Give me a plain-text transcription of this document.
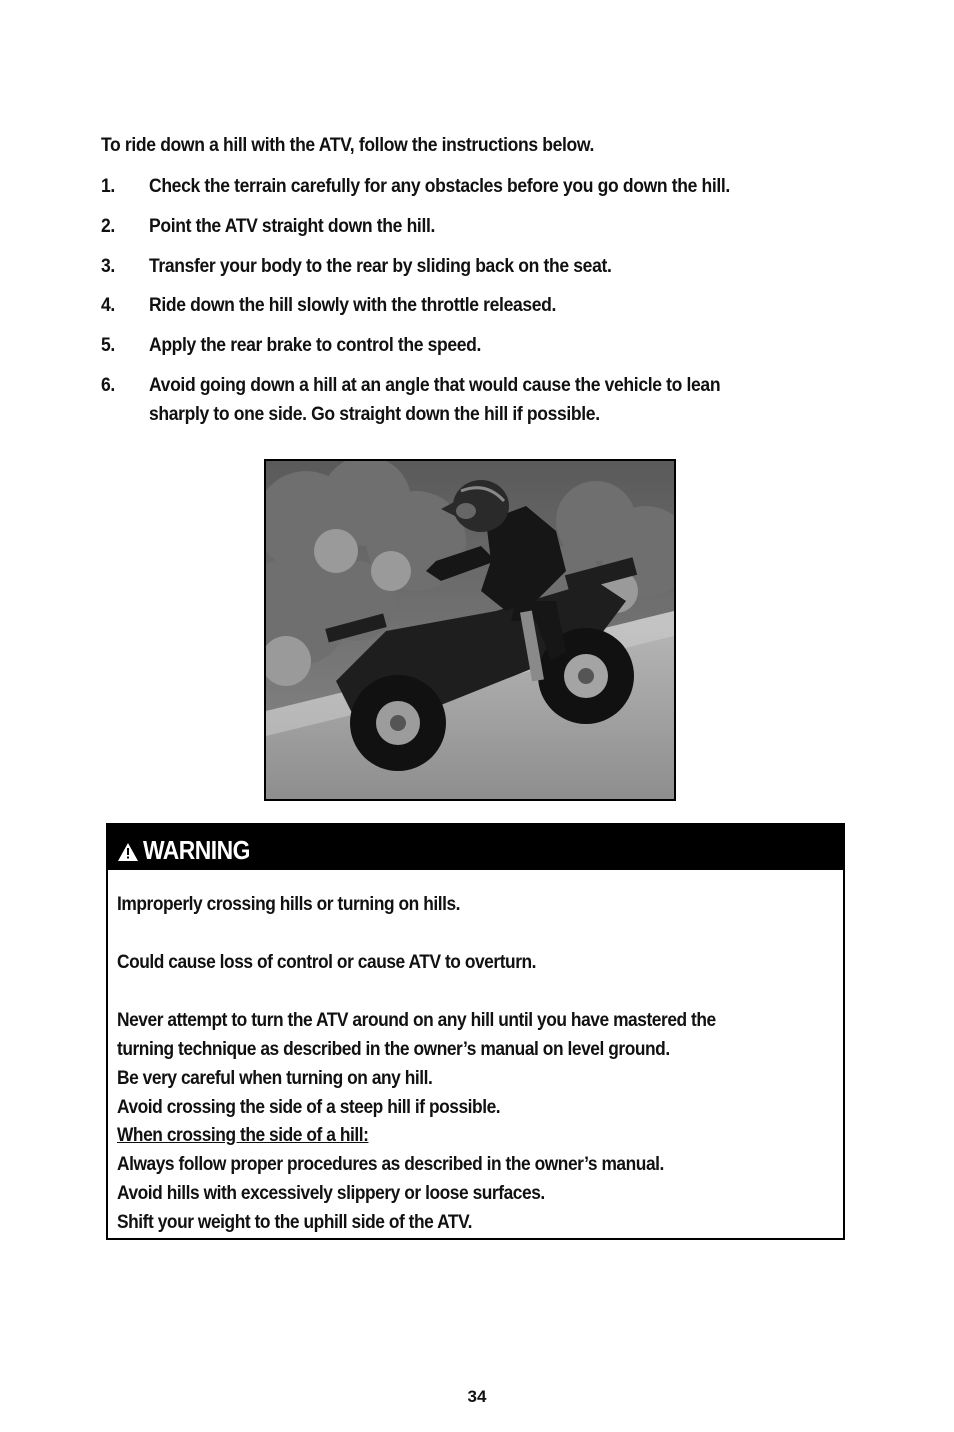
To ride down a hill with the ATV, follow the instructions below.
1. Check the terrain carefully for any obstacles before you go down the hill.
2. Point the ATV straight down the hill.
3. Transfer your body to the rear by sliding back on the seat.
4. Ride down the hill slowly with the throttle released.
5. Apply the rear brake to control the speed.
6. Avoid going down a hill at an angle that would cause the vehicle to lean
sharply to one side. Go straight down the hill if possible.
WARNING
Improperly crossing hills or turning on hills.
Could cause loss of control or cause ATV to overturn.
Never attempt to turn the ATV around on any hill until you have mastered the
turning technique as described in the owner’s manual on level ground.
Be very careful when turning on any hill.
Avoid crossing the side of a steep hill if possible.
When crossing the side of a hill:
Always follow proper procedures as described in the owner’s manual.
Avoid hills with excessively slippery or loose surfaces.
Shift your weight to the uphill side of the ATV.
34
